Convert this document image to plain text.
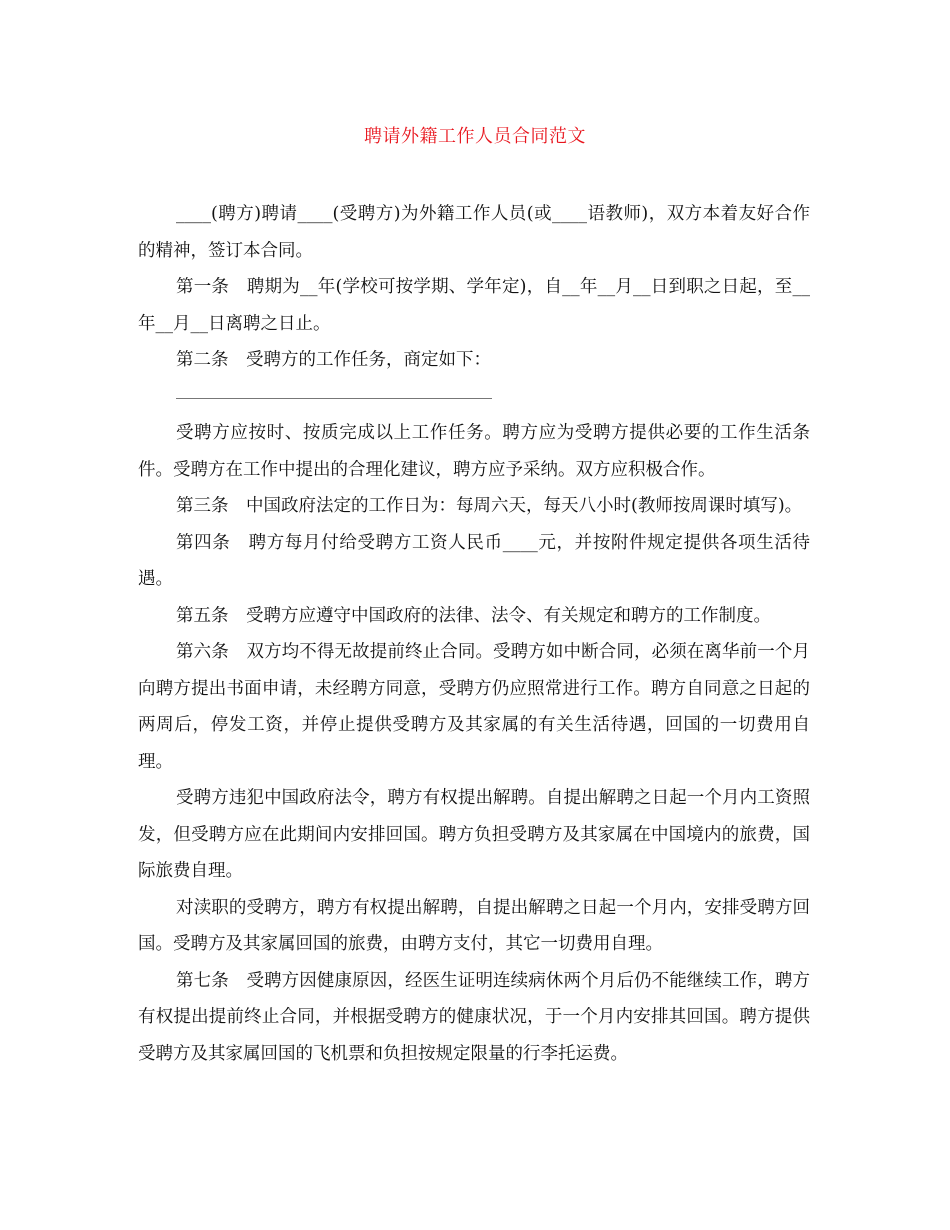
聘请外籍工作人员合同范文

____(聘方)聘请____(受聘方)为外籍工作人员(或____语教师)，双方本着友好合作的精神，签订本合同。

第一条　聘期为__年(学校可按学期、学年定)，自__年__月__日到职之日起，至__年__月__日离聘之日止。

第二条　受聘方的工作任务，商定如下：

受聘方应按时、按质完成以上工作任务。聘方应为受聘方提供必要的工作生活条件。受聘方在工作中提出的合理化建议，聘方应予采纳。双方应积极合作。

第三条　中国政府法定的工作日为：每周六天，每天八小时(教师按周课时填写)。

第四条　聘方每月付给受聘方工资人民币____元，并按附件规定提供各项生活待遇。

第五条　受聘方应遵守中国政府的法律、法令、有关规定和聘方的工作制度。

第六条　双方均不得无故提前终止合同。受聘方如中断合同，必须在离华前一个月向聘方提出书面申请，未经聘方同意，受聘方仍应照常进行工作。聘方自同意之日起的两周后，停发工资，并停止提供受聘方及其家属的有关生活待遇，回国的一切费用自理。

受聘方违犯中国政府法令，聘方有权提出解聘。自提出解聘之日起一个月内工资照发，但受聘方应在此期间内安排回国。聘方负担受聘方及其家属在中国境内的旅费，国际旅费自理。

对渎职的受聘方，聘方有权提出解聘，自提出解聘之日起一个月内，安排受聘方回国。受聘方及其家属回国的旅费，由聘方支付，其它一切费用自理。

第七条　受聘方因健康原因，经医生证明连续病休两个月后仍不能继续工作，聘方有权提出提前终止合同，并根据受聘方的健康状况，于一个月内安排其回国。聘方提供受聘方及其家属回国的飞机票和负担按规定限量的行李托运费。
